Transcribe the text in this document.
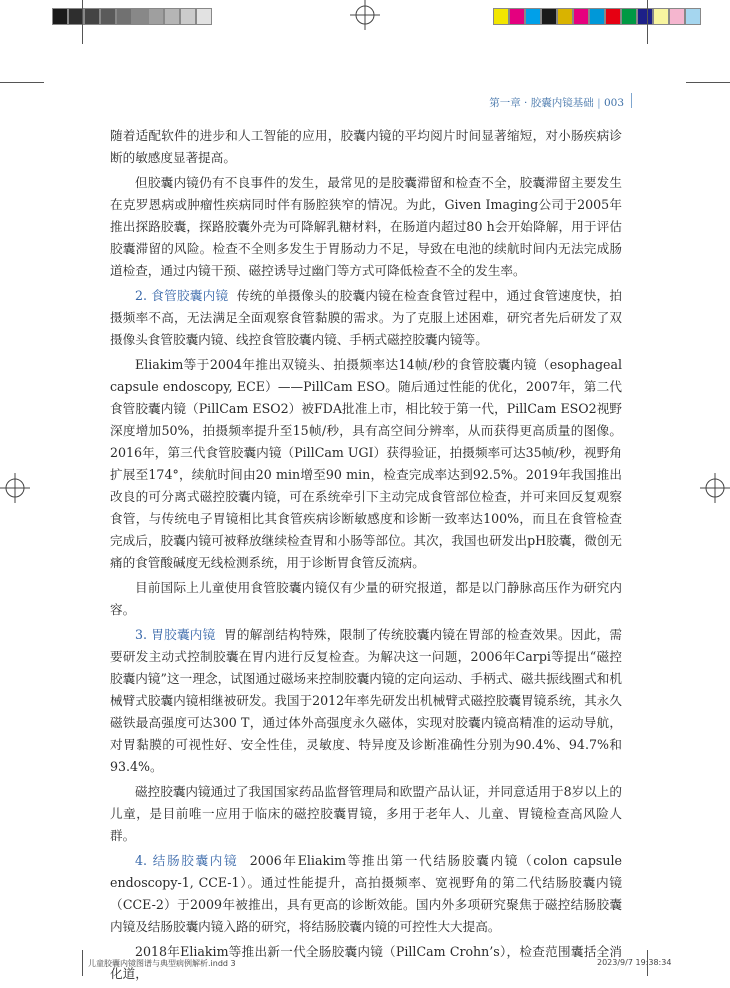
第一章 · 胶囊内镜基础 | 003

随着适配软件的进步和人工智能的应用，胶囊内镜的平均阅片时间显著缩短，对小肠疾病诊断的敏感度显著提高。

但胶囊内镜仍有不良事件的发生，最常见的是胶囊滞留和检查不全，胶囊滞留主要发生在克罗恩病或肿瘤性疾病同时伴有肠腔狭窄的情况。为此，Given Imaging公司于2005年推出探路胶囊，探路胶囊外壳为可降解乳糖材料，在肠道内超过80 h会开始降解，用于评估胶囊滞留的风险。检查不全则多发生于胃肠动力不足，导致在电池的续航时间内无法完成肠道检查，通过内镜干预、磁控诱导过幽门等方式可降低检查不全的发生率。

2. 食管胶囊内镜 传统的单摄像头的胶囊内镜在检查食管过程中，通过食管速度快，拍摄频率不高，无法满足全面观察食管黏膜的需求。为了克服上述困难，研究者先后研发了双摄像头食管胶囊内镜、线控食管胶囊内镜、手柄式磁控胶囊内镜等。

Eliakim等于2004年推出双镜头、拍摄频率达14帧/秒的食管胶囊内镜（esophageal capsule endoscopy, ECE）——PillCam ESO。随后通过性能的优化，2007年，第二代食管胶囊内镜（PillCam ESO2）被FDA批准上市，相比较于第一代，PillCam ESO2视野深度增加50%，拍摄频率提升至15帧/秒，具有高空间分辨率，从而获得更高质量的图像。2016年，第三代食管胶囊内镜（PillCam UGI）获得验证，拍摄频率可达35帧/秒，视野角扩展至174°，续航时间由20 min增至90 min，检查完成率达到92.5%。2019年我国推出改良的可分离式磁控胶囊内镜，可在系统牵引下主动完成食管部位检查，并可来回反复观察食管，与传统电子胃镜相比其食管疾病诊断敏感度和诊断一致率达100%，而且在食管检查完成后，胶囊内镜可被释放继续检查胃和小肠等部位。其次，我国也研发出pH胶囊，微创无痛的食管酸碱度无线检测系统，用于诊断胃食管反流病。

目前国际上儿童使用食管胶囊内镜仅有少量的研究报道，都是以门静脉高压作为研究内容。

3. 胃胶囊内镜 胃的解剖结构特殊，限制了传统胶囊内镜在胃部的检查效果。因此，需要研发主动式控制胶囊在胃内进行反复检查。为解决这一问题，2006年Carpi等提出“磁控胶囊内镜”这一理念，试图通过磁场来控制胶囊内镜的定向运动、手柄式、磁共振线圈式和机械臂式胶囊内镜相继被研发。我国于2012年率先研发出机械臂式磁控胶囊胃镜系统，其永久磁铁最高强度可达300 T，通过体外高强度永久磁体，实现对胶囊内镜高精准的运动导航，对胃黏膜的可视性好、安全性佳，灵敏度、特异度及诊断准确性分别为90.4%、94.7%和93.4%。

磁控胶囊内镜通过了我国国家药品监督管理局和欧盟产品认证，并同意适用于8岁以上的儿童，是目前唯一应用于临床的磁控胶囊胃镜，多用于老年人、儿童、胃镜检查高风险人群。

4. 结肠胶囊内镜 2006年Eliakim等推出第一代结肠胶囊内镜（colon capsule endoscopy-1, CCE-1）。通过性能提升，高拍摄频率、宽视野角的第二代结肠胶囊内镜（CCE-2）于2009年被推出，具有更高的诊断效能。国内外多项研究聚焦于磁控结肠胶囊内镜及结肠胶囊内镜入路的研究，将结肠胶囊内镜的可控性大大提高。

2018年Eliakim等推出新一代全肠胶囊内镜（PillCam Crohn’s），检查范围囊括全消化道，

儿童胶囊内镜图谱与典型病例解析.indd 3	2023/9/7 19:38:34
